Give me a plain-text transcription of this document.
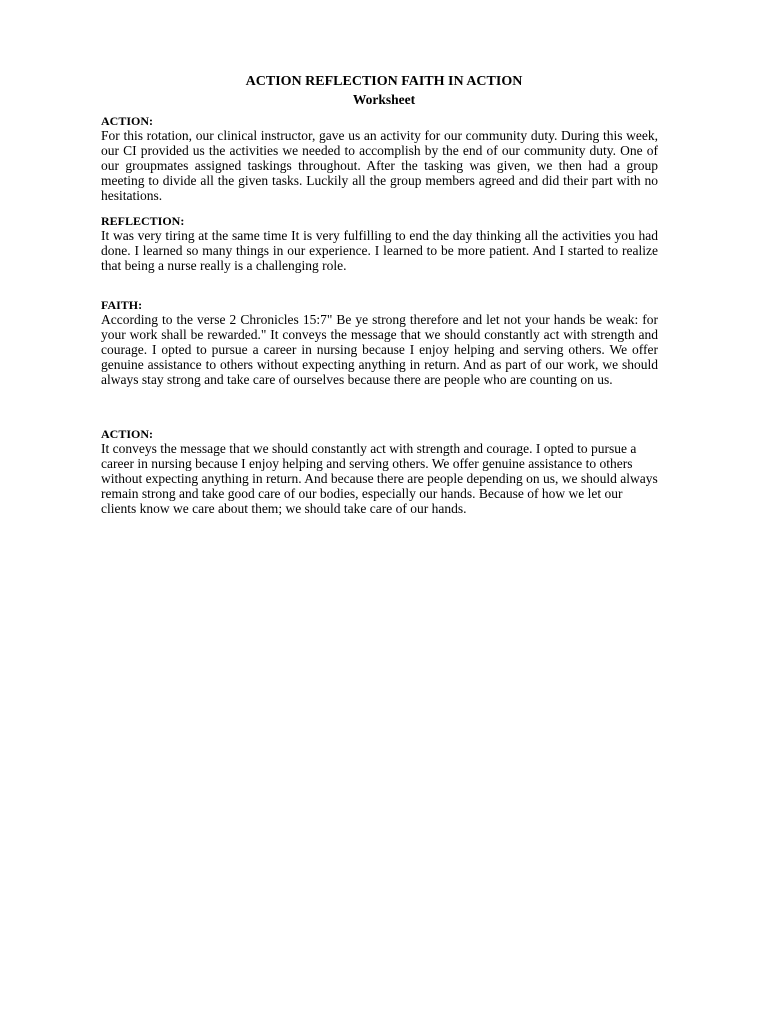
ACTION REFLECTION FAITH IN ACTION

Worksheet

ACTION:

For this rotation, our clinical instructor, gave us an activity for our community duty. During this week, our CI provided us the activities we needed to accomplish by the end of our community duty. One of our groupmates assigned taskings throughout. After the tasking was given, we then had a group meeting to divide all the given tasks. Luckily all the group members agreed and did their part with no hesitations.

REFLECTION:

It was very tiring at the same time It is very fulfilling to end the day thinking all the activities you had done. I learned so many things in our experience. I learned to be more patient. And I started to realize that being a nurse really is a challenging role.

FAITH:

According to the verse 2 Chronicles 15:7" Be ye strong therefore and let not your hands be weak: for your work shall be rewarded." It conveys the message that we should constantly act with strength and courage. I opted to pursue a career in nursing because I enjoy helping and serving others. We offer genuine assistance to others without expecting anything in return. And as part of our work, we should always stay strong and take care of ourselves because there are people who are counting on us.

ACTION:

It conveys the message that we should constantly act with strength and courage. I opted to pursue a career in nursing because I enjoy helping and serving others. We offer genuine assistance to others without expecting anything in return. And because there are people depending on us, we should always remain strong and take good care of our bodies, especially our hands. Because of how we let our clients know we care about them; we should take care of our hands.
